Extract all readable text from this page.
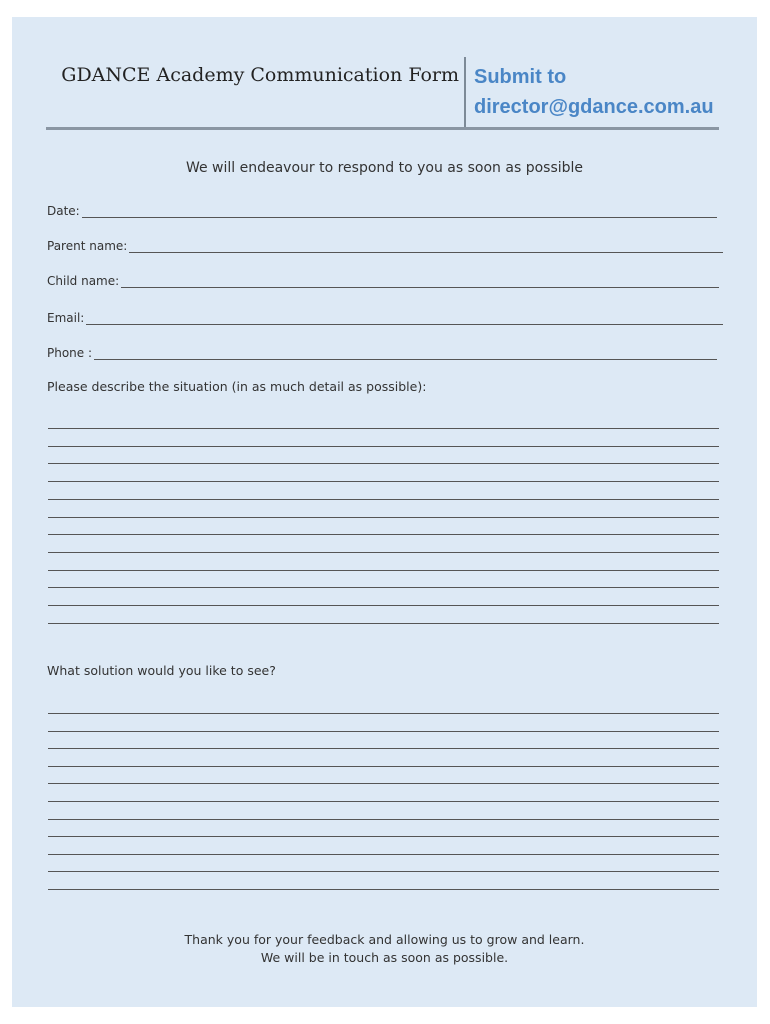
GDANCE Academy Communication Form Submit to
director@gdance.com.au
We will endeavour to respond to you as soon as possible
Date:
Parent name:
Child name:
Email:
Phone :
Please describe the situation (in as much detail as possible):
What solution would you like to see?
Thank you for your feedback and allowing us to grow and learn.
We will be in touch as soon as possible.
